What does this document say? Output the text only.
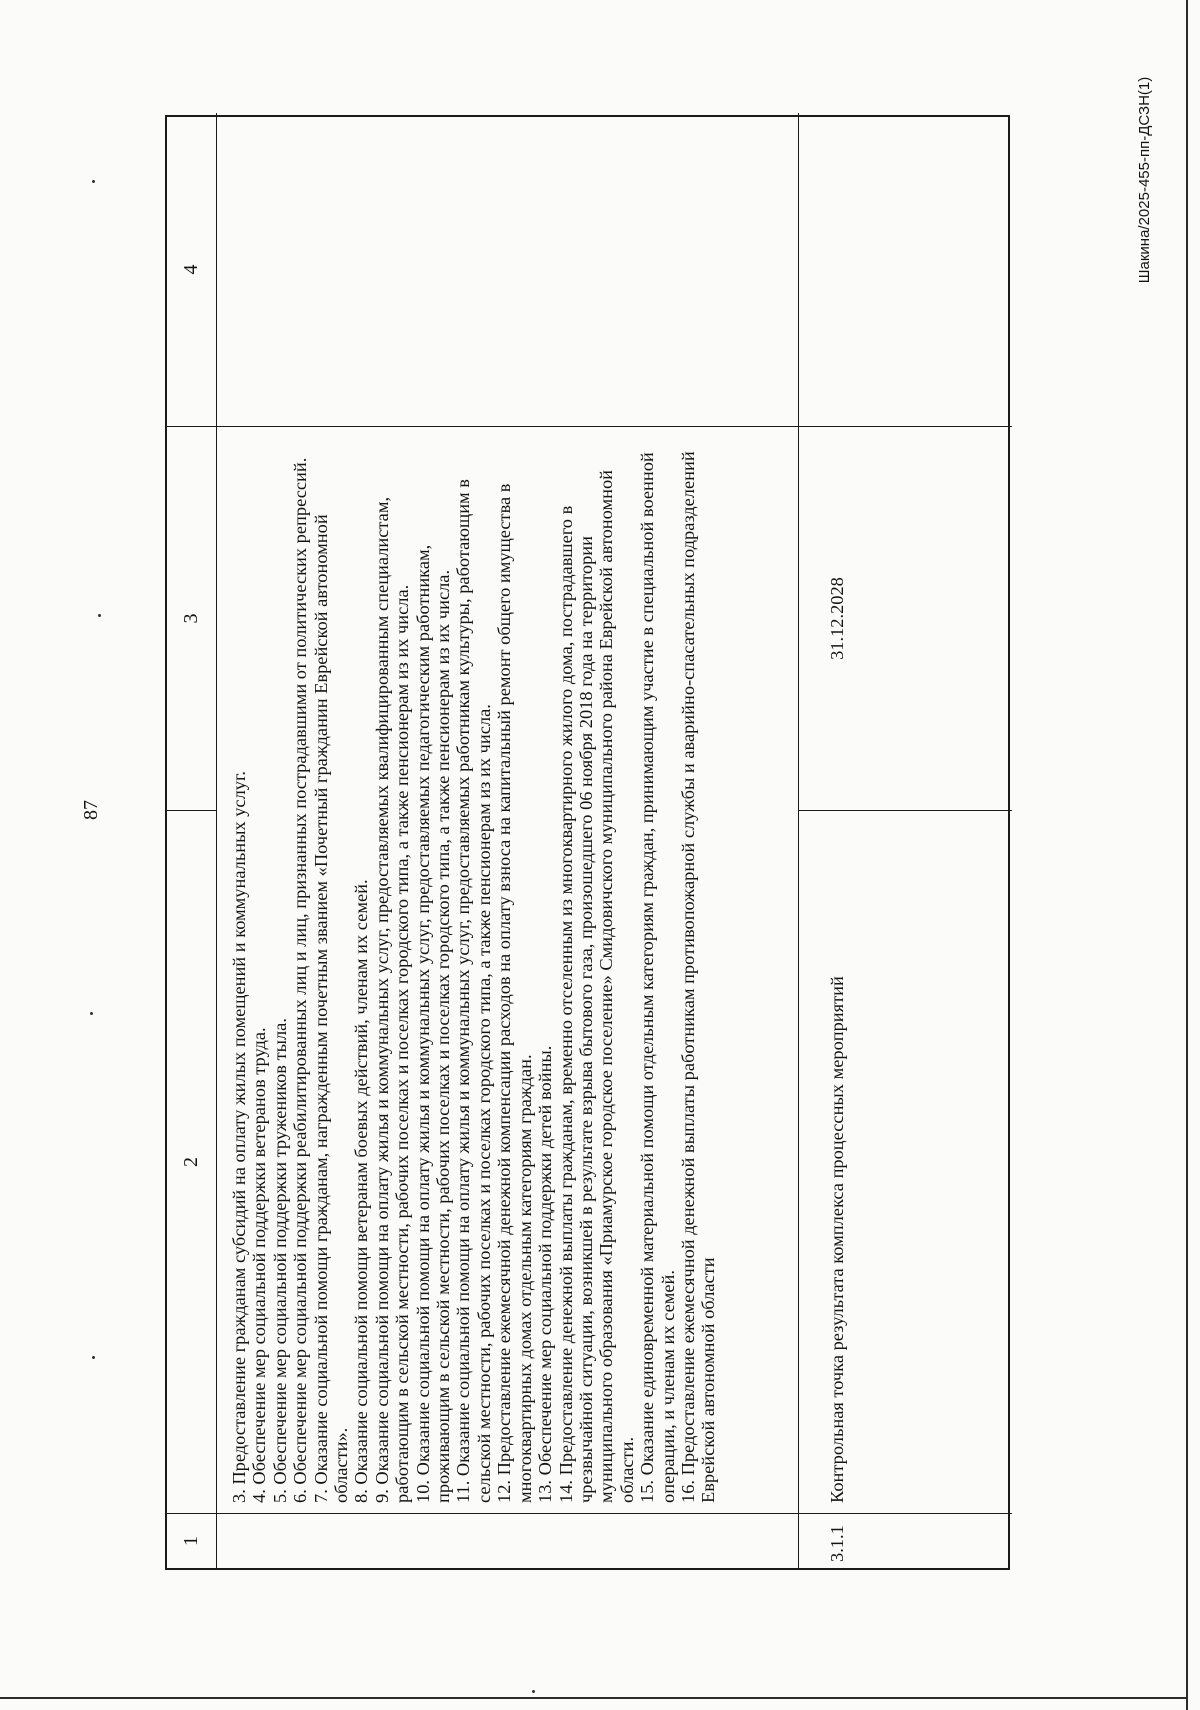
87
Шакина/2025-455-пп-ДСЗН(1)
1
2
3
4

3. Предоставление гражданам субсидий на оплату жилых помещений и коммунальных услуг. 4. Обеспечение мер социальной поддержки ветеранов труда. 5. Обеспечение мер социальной поддержки тружеников тыла. 6. Обеспечение мер социальной поддержки реабилитированных лиц и лиц, признанных пострадавшими от политических репрессий. 7. Оказание социальной помощи гражданам, награжденным почетным званием «Почетный гражданин Еврейской автономной области». 8. Оказание социальной помощи ветеранам боевых действий, членам их семей. 9. Оказание социальной помощи на оплату жилья и коммунальных услуг, предоставляемых квалифицированным специалистам, работающим в сельской местности, рабочих поселках и поселках городского типа, а также пенсионерам из их числа. 10. Оказание социальной помощи на оплату жилья и коммунальных услуг, предоставляемых педагогическим работникам, проживающим в сельской местности, рабочих поселках и поселках городского типа, а также пенсионерам из их числа. 11. Оказание социальной помощи на оплату жилья и коммунальных услуг, предоставляемых работникам культуры, работающим в сельской местности, рабочих поселках и поселках городского типа, а также пенсионерам из их числа. 12. Предоставление ежемесячной денежной компенсации расходов на оплату взноса на капитальный ремонт общего имущества в многоквартирных домах отдельным категориям граждан. 13. Обеспечение мер социальной поддержки детей войны. 14. Предоставление денежной выплаты гражданам, временно отселенным из многоквартирного жилого дома, пострадавшего в чрезвычайной ситуации, возникшей в результате взрыва бытового газа, произошедшего 06 ноября 2018 года на территории муниципального образования «Приамурское городское поселение» Смидовичского муниципального района Еврейской автономной области. 15. Оказание единовременной материальной помощи отдельным категориям граждан, принимающим участие в специальной военной операции, и членам их семей. 16. Предоставление ежемесячной денежной выплаты работникам противопожарной службы и аварийно-спасательных подразделений Еврейской автономной области

3.1.1
Контрольная точка результата комплекса процессных мероприятий
31.12.2028
